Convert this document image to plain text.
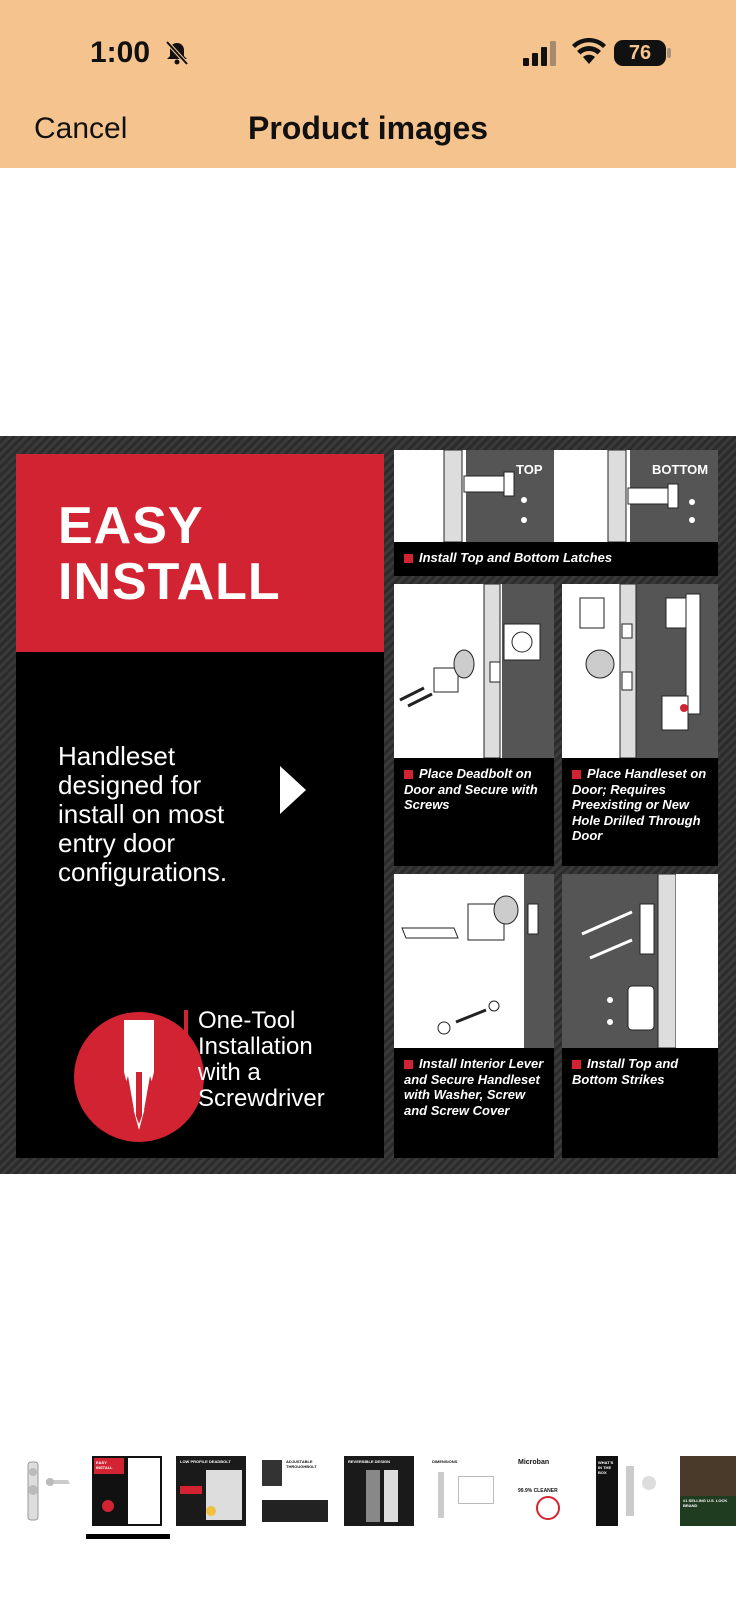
1:00	76
Cancel	Product images
EASY
INSTALL
Handleset designed for install on most entry door configurations.
One-Tool
Installation
with a
Screwdriver
TOP	BOTTOM
Install Top and Bottom Latches
Place Deadbolt on Door and Secure with Screws
Place Handleset on Door; Requires Preexisting or New Hole Drilled Through Door
Install Interior Lever and Secure Handleset with Washer, Screw and Screw Cover
Install Top and Bottom Strikes
EASY INSTALL
LOW PROFILE DEADBOLT	ADJUSTABLE THROUGHBOLT
REVERSIBLE DESIGN	DIMENSIONS	Microban
99.9% CLEANER
WHAT'S IN THE BOX
#1 SELLING U.S. LOCK BRAND
